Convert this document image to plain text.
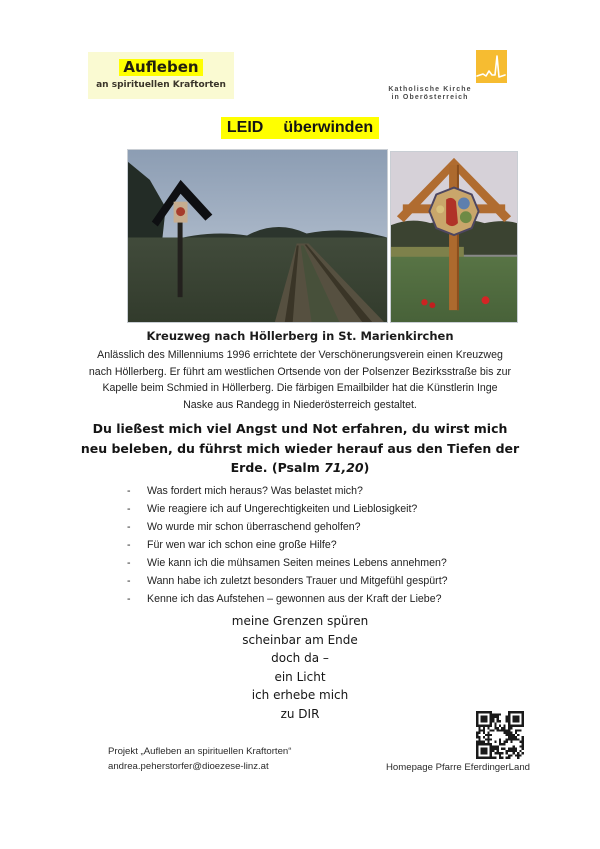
Aufleben
an spirituellen Kraftorten	Katholische Kirche
in Oberösterreich
LEID überwinden
Kreuzweg nach Höllerberg in St. Marienkirchen
Anlässlich des Millenniums 1996 errichtete der Verschönerungsverein einen Kreuzweg nach Höllerberg. Er führt am westlichen Ortsende von der Polsenzer Bezirksstraße bis zur Kapelle beim Schmied in Höllerberg. Die färbigen Emailbilder hat die Künstlerin Inge Naske aus Randegg in Niederösterreich gestaltet.
Du ließest mich viel Angst und Not erfahren, du wirst mich neu beleben, du führst mich wieder herauf aus den Tiefen der Erde. (Psalm 71,20)
- Was fordert mich heraus? Was belastet mich?
- Wie reagiere ich auf Ungerechtigkeiten und Lieblosigkeit?
- Wo wurde mir schon überraschend geholfen?
- Für wen war ich schon eine große Hilfe?
- Wie kann ich die mühsamen Seiten meines Lebens annehmen?
- Wann habe ich zuletzt besonders Trauer und Mitgefühl gespürt?
- Kenne ich das Aufstehen – gewonnen aus der Kraft der Liebe?
meine Grenzen spüren
scheinbar am Ende
doch da –
ein Licht
ich erhebe mich
zu DIR
Projekt „Aufleben an spirituellen Kraftorten“
andrea.peherstorfer@dioezese-linz.at	Homepage Pfarre EferdingerLand
